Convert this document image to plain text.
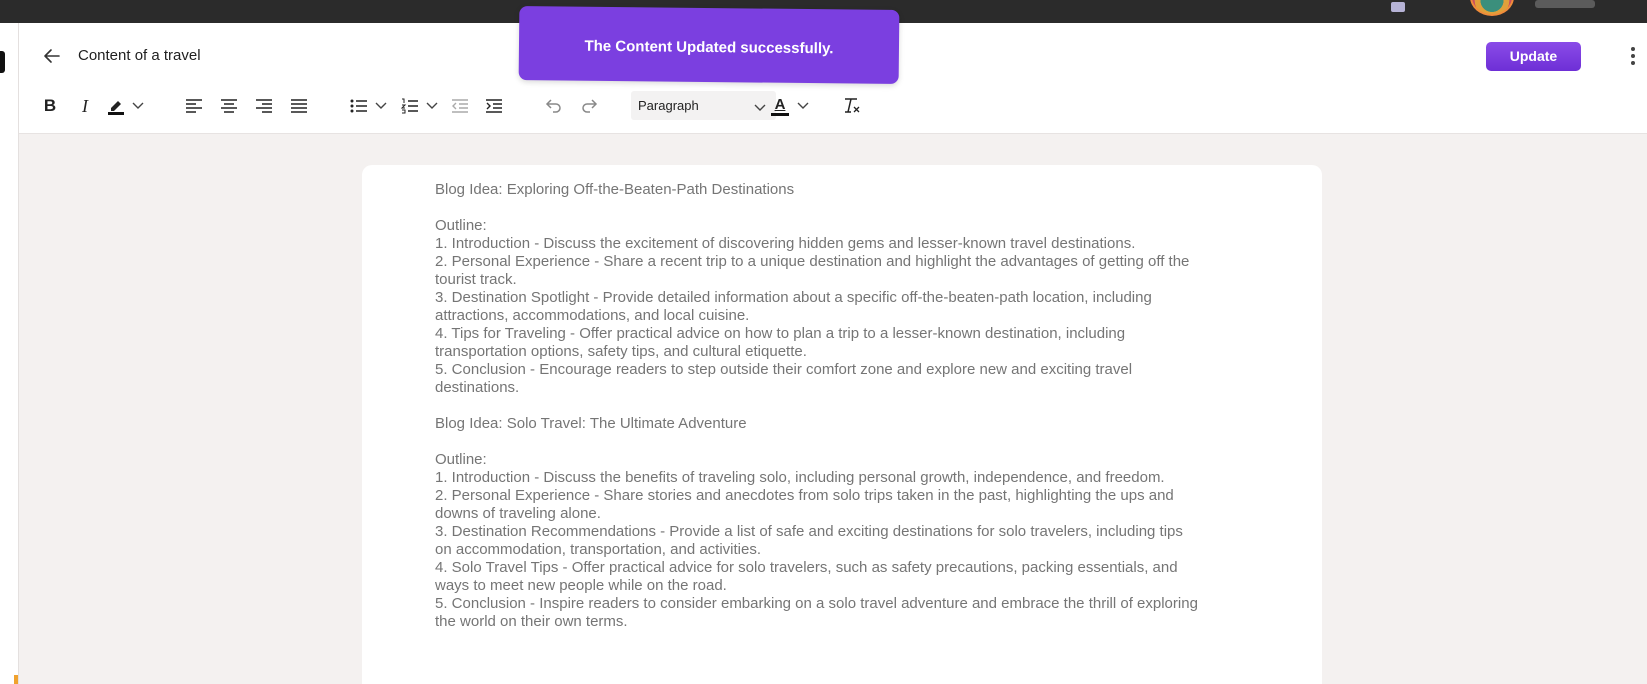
Content of a travel	Update
B	I	Paragraph	A
The Content Updated successfully.

Blog Idea: Exploring Off-the-Beaten-Path Destinations

Outline:

1. Introduction - Discuss the excitement of discovering hidden gems and lesser-known travel destinations.

2. Personal Experience - Share a recent trip to a unique destination and highlight the advantages of getting off the

tourist track.

3. Destination Spotlight - Provide detailed information about a specific off-the-beaten-path location, including

attractions, accommodations, and local cuisine.

4. Tips for Traveling - Offer practical advice on how to plan a trip to a lesser-known destination, including

transportation options, safety tips, and cultural etiquette.

5. Conclusion - Encourage readers to step outside their comfort zone and explore new and exciting travel

destinations.

Blog Idea: Solo Travel: The Ultimate Adventure

Outline:

1. Introduction - Discuss the benefits of traveling solo, including personal growth, independence, and freedom.

2. Personal Experience - Share stories and anecdotes from solo trips taken in the past, highlighting the ups and

downs of traveling alone.

3. Destination Recommendations - Provide a list of safe and exciting destinations for solo travelers, including tips

on accommodation, transportation, and activities.

4. Solo Travel Tips - Offer practical advice for solo travelers, such as safety precautions, packing essentials, and

ways to meet new people while on the road.

5. Conclusion - Inspire readers to consider embarking on a solo travel adventure and embrace the thrill of exploring

the world on their own terms.
